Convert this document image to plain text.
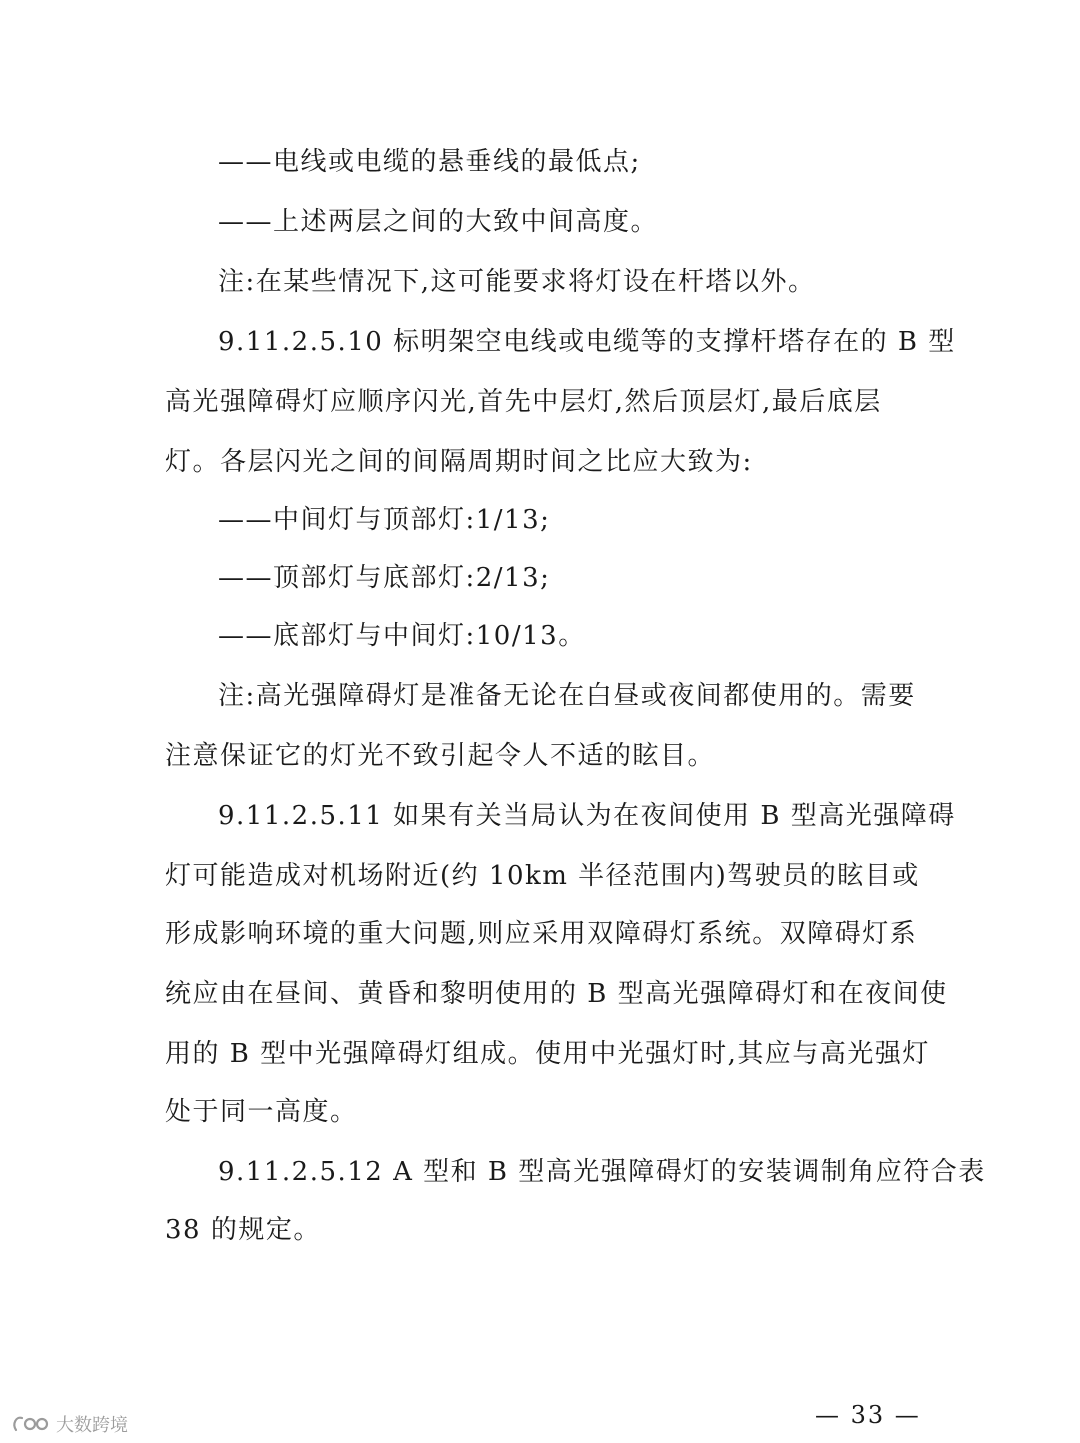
——电线或电缆的悬垂线的最低点;
——上述两层之间的大致中间高度。
注:在某些情况下,这可能要求将灯设在杆塔以外。
9.11.2.5.10 标明架空电线或电缆等的支撑杆塔存在的 B 型
高光强障碍灯应顺序闪光,首先中层灯,然后顶层灯,最后底层
灯。各层闪光之间的间隔周期时间之比应大致为:
——中间灯与顶部灯:1/13;
——顶部灯与底部灯:2/13;
——底部灯与中间灯:10/13。
注:高光强障碍灯是准备无论在白昼或夜间都使用的。需要
注意保证它的灯光不致引起令人不适的眩目。
9.11.2.5.11 如果有关当局认为在夜间使用 B 型高光强障碍
灯可能造成对机场附近(约 10km 半径范围内)驾驶员的眩目或
形成影响环境的重大问题,则应采用双障碍灯系统。双障碍灯系
统应由在昼间、黄昏和黎明使用的 B 型高光强障碍灯和在夜间使
用的 B 型中光强障碍灯组成。使用中光强灯时,其应与高光强灯
处于同一高度。
9.11.2.5.12 A 型和 B 型高光强障碍灯的安装调制角应符合表
38 的规定。
— 33 —
大数跨境
